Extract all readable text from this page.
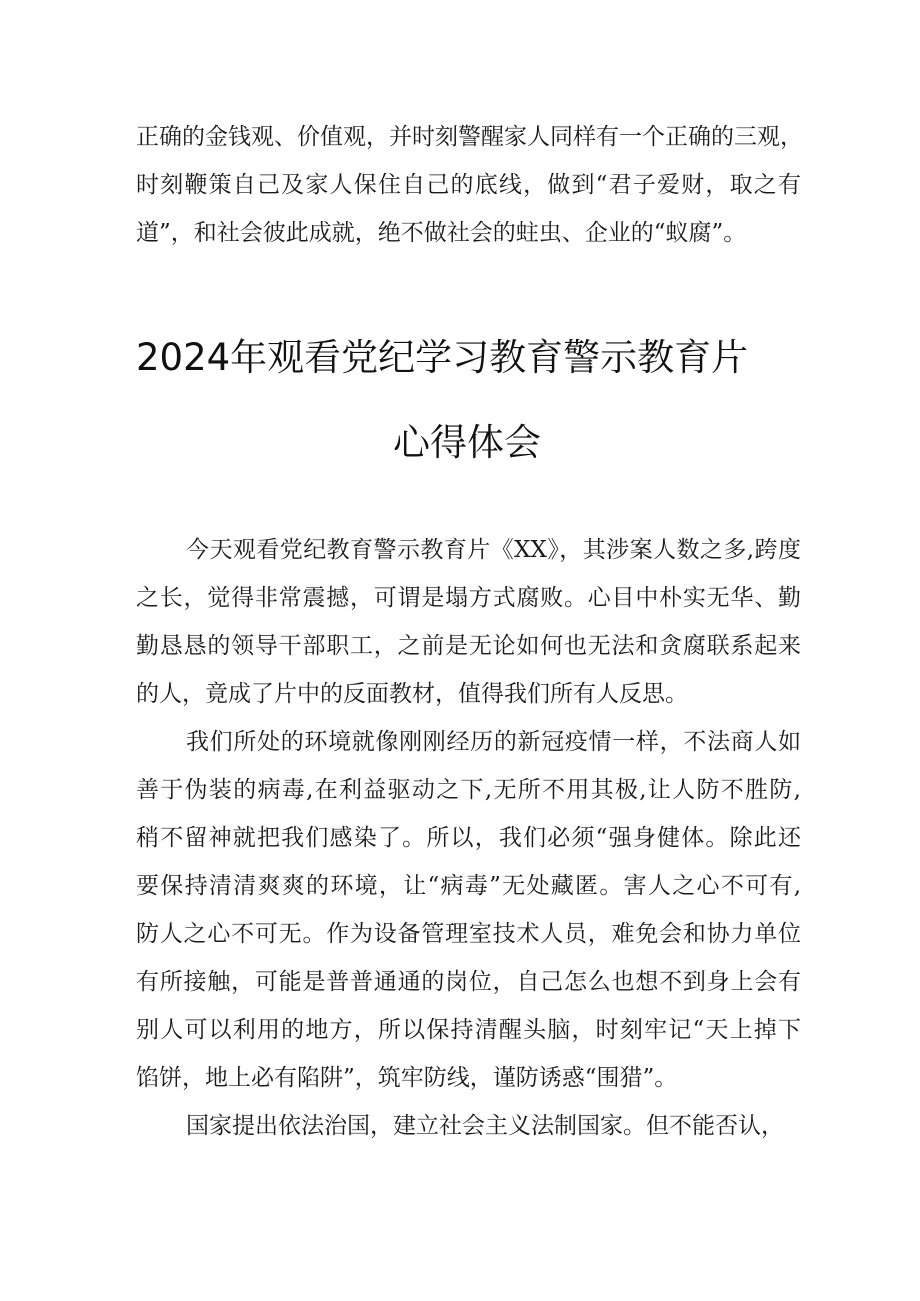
正确的金钱观、价值观，并时刻警醒家人同样有一个正确的三观，
时刻鞭策自己及家人保住自己的底线，做到“君子爱财，取之有
道”，和社会彼此成就，绝不做社会的蛀虫、企业的“蚁腐”。
2024年观看党纪学习教育警示教育片
心得体会
今天观看党纪教育警示教育片《XX》，其涉案人数之多,跨度
之长，觉得非常震撼，可谓是塌方式腐败。心目中朴实无华、勤
勤恳恳的领导干部职工，之前是无论如何也无法和贪腐联系起来
的人，竟成了片中的反面教材，值得我们所有人反思。
我们所处的环境就像刚刚经历的新冠疫情一样，不法商人如
善于伪装的病毒,在利益驱动之下,无所不用其极,让人防不胜防,
稍不留神就把我们感染了。所以，我们必须“强身健体。除此还
要保持清清爽爽的环境，让“病毒”无处藏匿。害人之心不可有,
防人之心不可无。作为设备管理室技术人员，难免会和协力单位
有所接触，可能是普普通通的岗位，自己怎么也想不到身上会有
别人可以利用的地方，所以保持清醒头脑，时刻牢记“天上掉下
馅饼，地上必有陷阱”，筑牢防线，谨防诱惑“围猎”。
国家提出依法治国，建立社会主义法制国家。但不能否认，
